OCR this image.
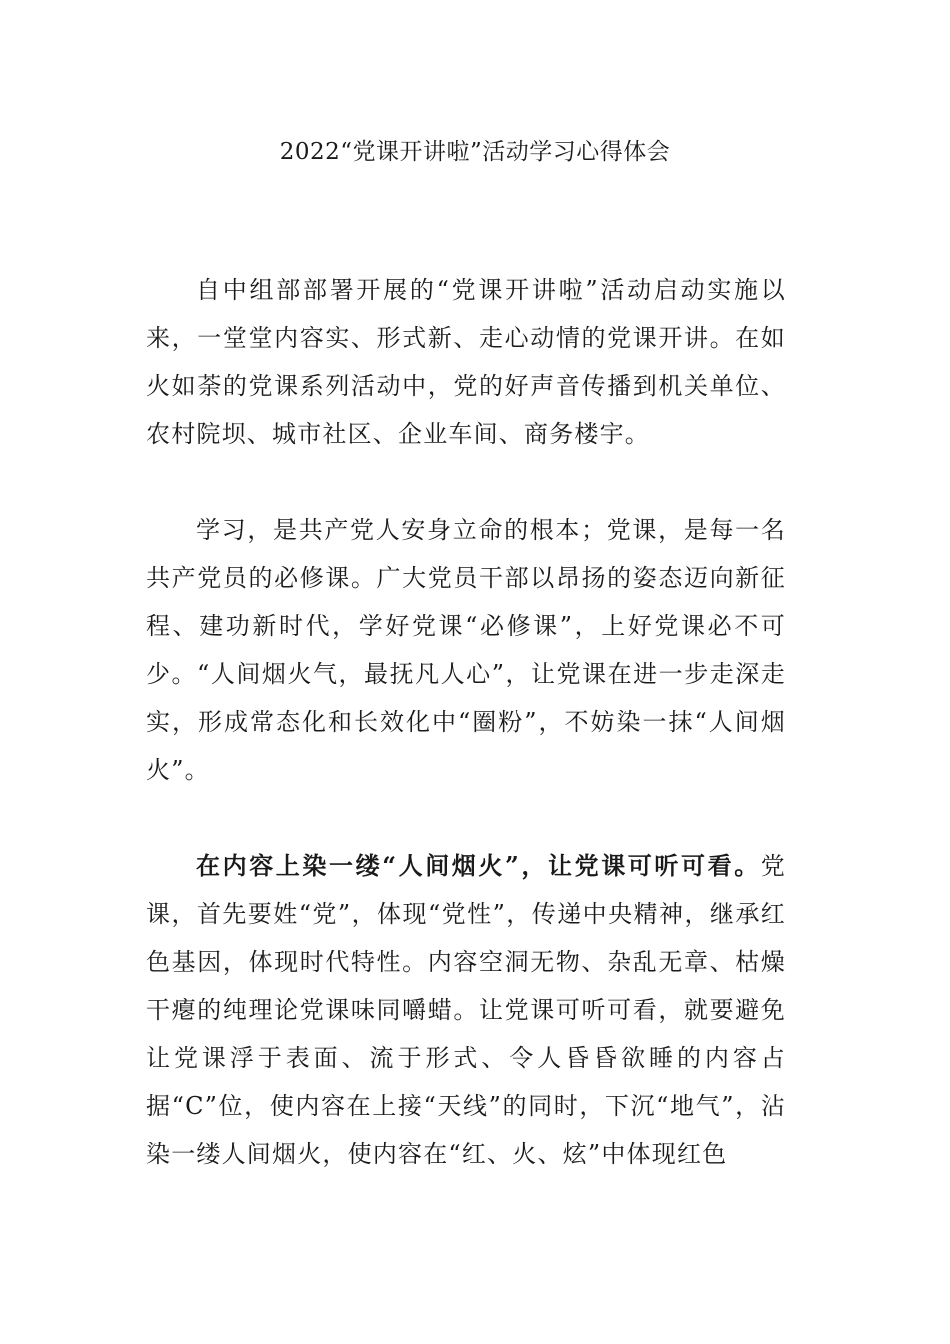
2022“党课开讲啦”活动学习心得体会

自中组部部署开展的“党课开讲啦”活动启动实施以来，一堂堂内容实、形式新、走心动情的党课开讲。在如火如荼的党课系列活动中，党的好声音传播到机关单位、农村院坝、城市社区、企业车间、商务楼宇。

学习，是共产党人安身立命的根本；党课，是每一名共产党员的必修课。广大党员干部以昂扬的姿态迈向新征程、建功新时代，学好党课“必修课”，上好党课必不可少。“人间烟火气，最抚凡人心”，让党课在进一步走深走实，形成常态化和长效化中“圈粉”，不妨染一抹“人间烟火”。

在内容上染一缕“人间烟火”，让党课可听可看。党课，首先要姓“党”，体现“党性”，传递中央精神，继承红色基因，体现时代特性。内容空洞无物、杂乱无章、枯燥干瘪的纯理论党课味同嚼蜡。让党课可听可看，就要避免让党课浮于表面、流于形式、令人昏昏欲睡的内容占据“C”位，使内容在上接“天线”的同时，下沉“地气”，沾染一缕人间烟火，使内容在“红、火、炫”中体现红色
